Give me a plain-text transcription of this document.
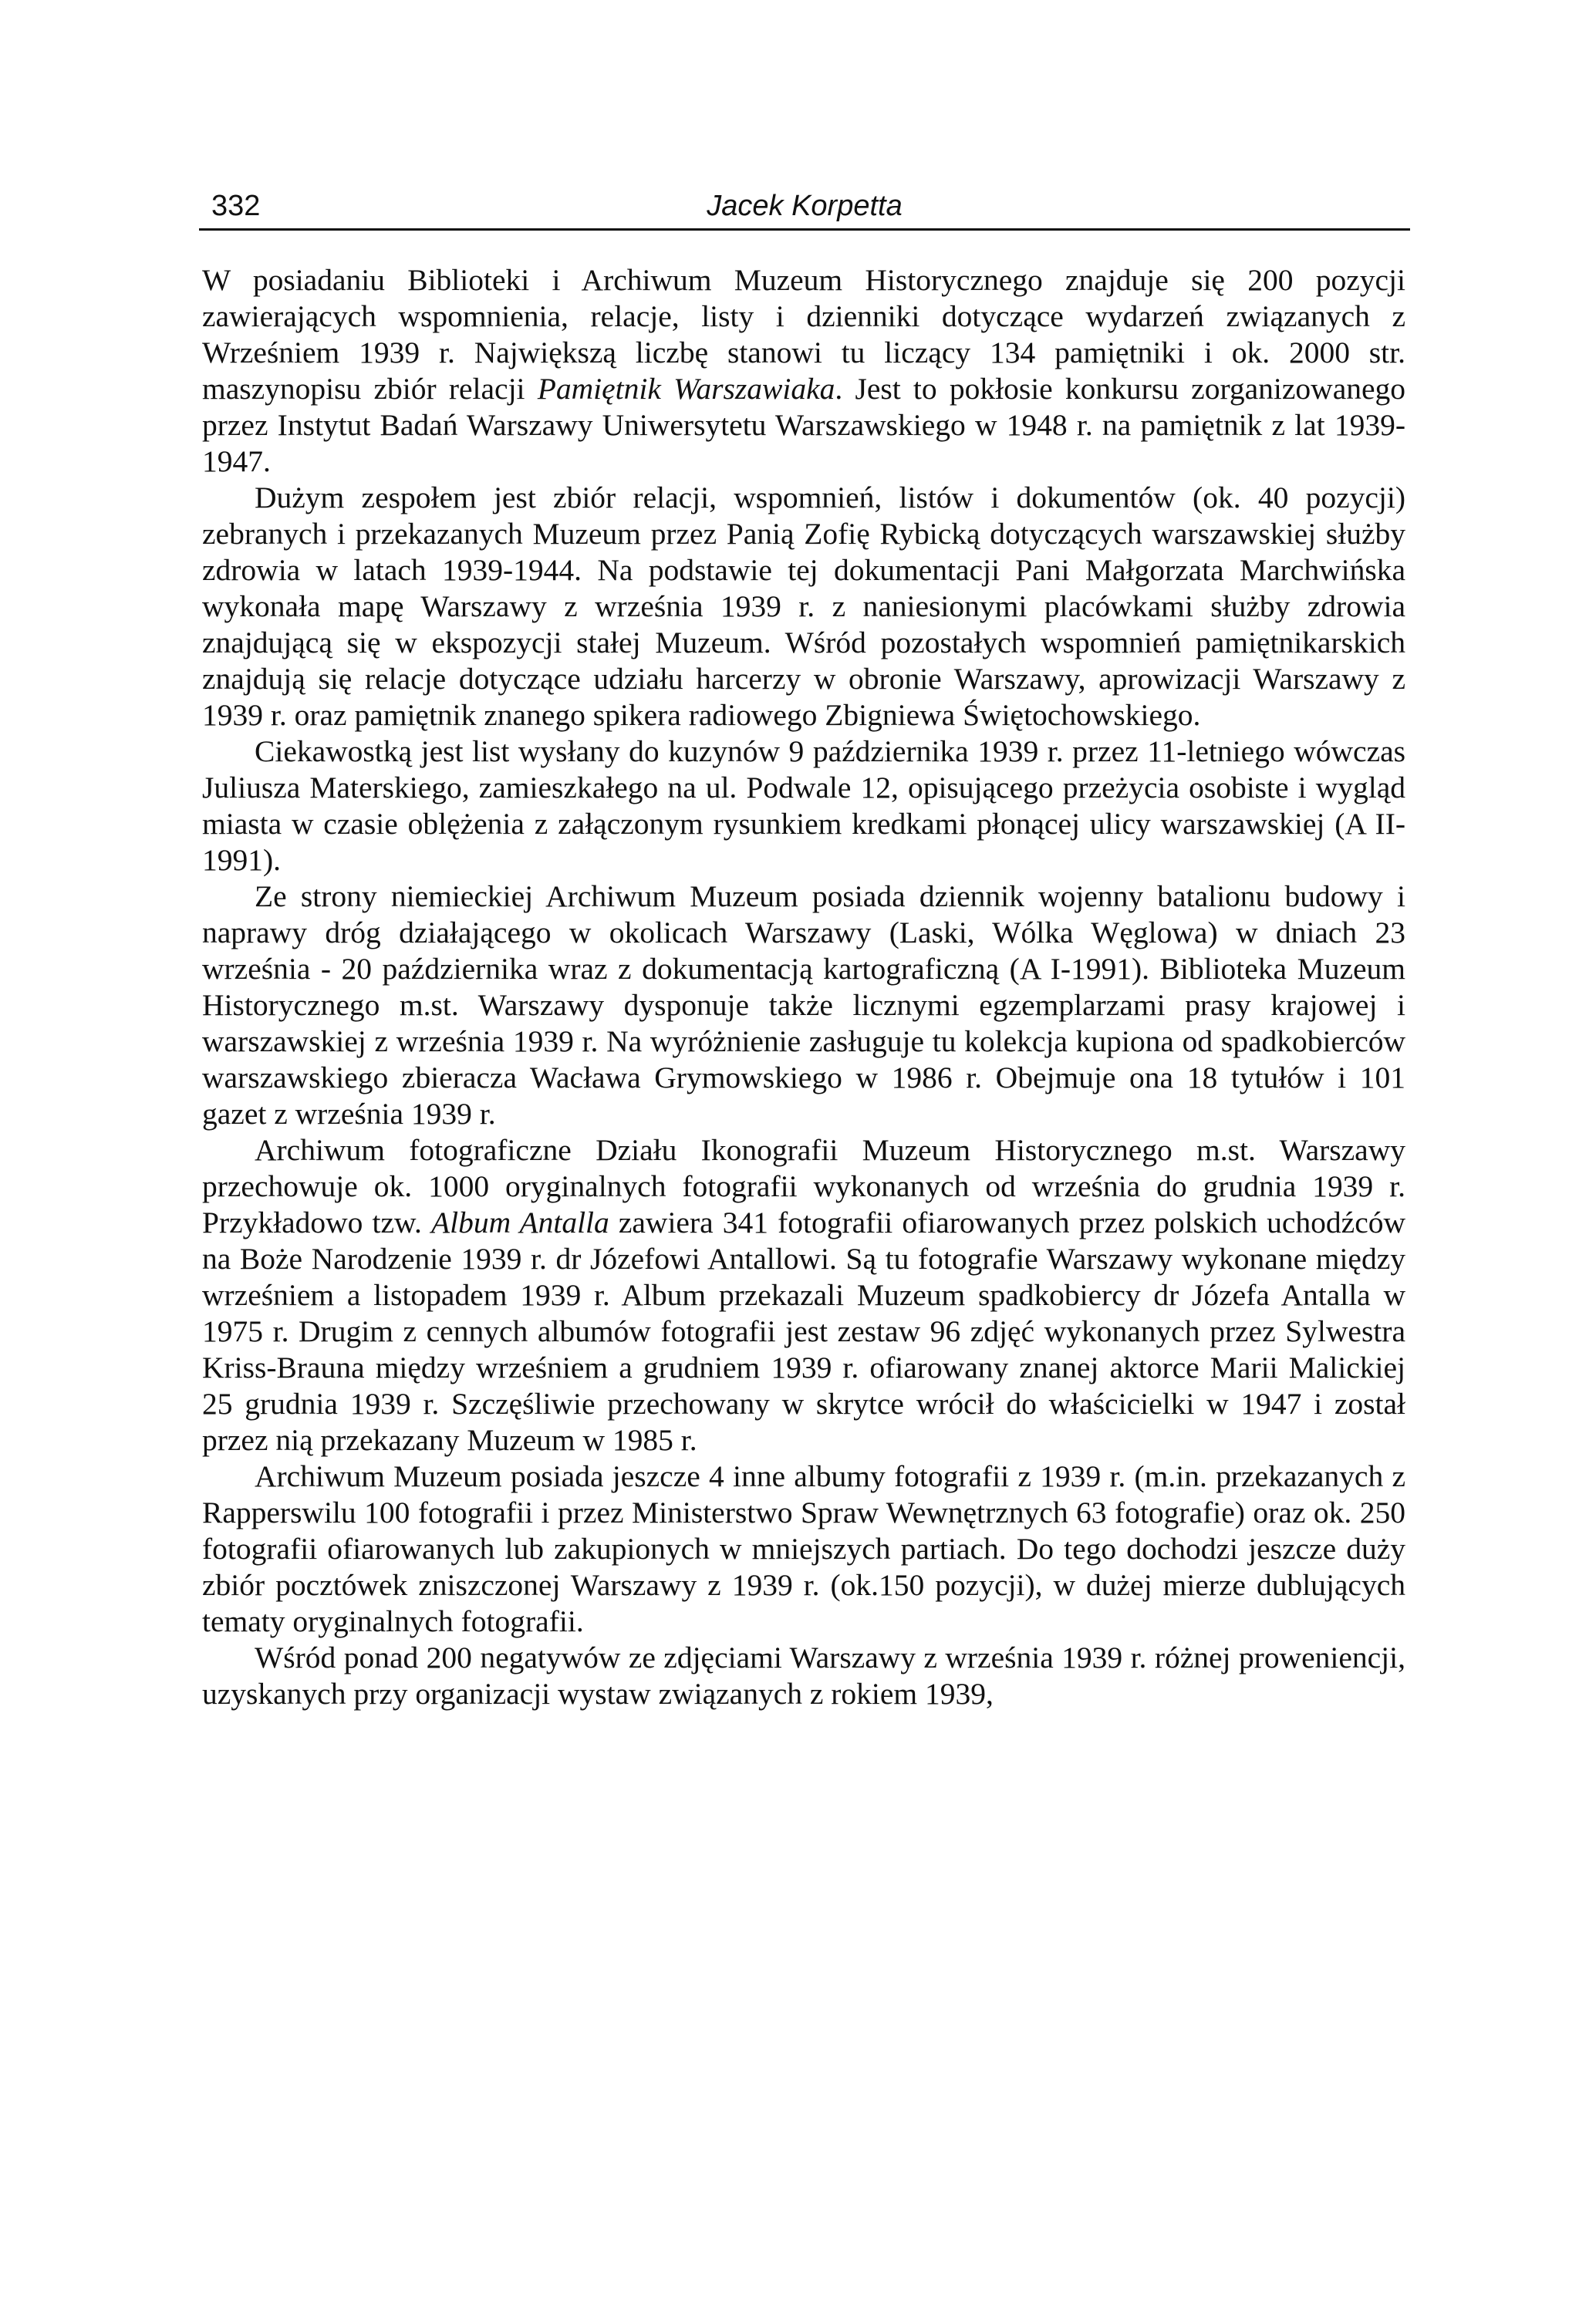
332	Jacek Korpetta

W posiadaniu Biblioteki i Archiwum Muzeum Historycznego znajduje się 200 pozycji zawierających wspomnienia, relacje, listy i dzienniki dotyczące wydarzeń związanych z Wrześniem 1939 r. Największą liczbę stanowi tu liczący 134 pamiętniki i ok. 2000 str. maszynopisu zbiór relacji Pamiętnik Warszawiaka. Jest to pokłosie konkursu zorganizowanego przez Instytut Badań Warszawy Uniwersytetu Warszawskiego w 1948 r. na pamiętnik z lat 1939-1947.

Dużym zespołem jest zbiór relacji, wspomnień, listów i dokumentów (ok. 40 pozycji) zebranych i przekazanych Muzeum przez Panią Zofię Rybicką dotyczących warszawskiej służby zdrowia w latach 1939-1944. Na podstawie tej dokumentacji Pani Małgorzata Marchwińska wykonała mapę Warszawy z września 1939 r. z naniesionymi placówkami służby zdrowia znajdującą się w ekspozycji stałej Muzeum. Wśród pozostałych wspomnień pamiętnikarskich znajdują się relacje dotyczące udziału harcerzy w obronie Warszawy, aprowizacji Warszawy z 1939 r. oraz pamiętnik znanego spikera radiowego Zbigniewa Świętochowskiego.

Ciekawostką jest list wysłany do kuzynów 9 października 1939 r. przez 11-letniego wówczas Juliusza Materskiego, zamieszkałego na ul. Podwale 12, opisującego przeżycia osobiste i wygląd miasta w czasie oblężenia z załączonym rysunkiem kredkami płonącej ulicy warszawskiej (A II-1991).

Ze strony niemieckiej Archiwum Muzeum posiada dziennik wojenny batalionu budowy i naprawy dróg działającego w okolicach Warszawy (Laski, Wólka Węglowa) w dniach 23 września - 20 października wraz z dokumentacją kartograficzną (A I-1991). Biblioteka Muzeum Historycznego m.st. Warszawy dysponuje także licznymi egzemplarzami prasy krajowej i warszawskiej z września 1939 r. Na wyróżnienie zasługuje tu kolekcja kupiona od spadkobierców warszawskiego zbieracza Wacława Grymowskiego w 1986 r. Obejmuje ona 18 tytułów i 101 gazet z września 1939 r.

Archiwum fotograficzne Działu Ikonografii Muzeum Historycznego m.st. Warszawy przechowuje ok. 1000 oryginalnych fotografii wykonanych od września do grudnia 1939 r. Przykładowo tzw. Album Antalla zawiera 341 fotografii ofiarowanych przez polskich uchodźców na Boże Narodzenie 1939 r. dr Józefowi Antallowi. Są tu fotografie Warszawy wykonane między wrześniem a listopadem 1939 r. Album przekazali Muzeum spadkobiercy dr Józefa Antalla w 1975 r. Drugim z cennych albumów fotografii jest zestaw 96 zdjęć wykonanych przez Sylwestra Kriss-Brauna między wrześniem a grudniem 1939 r. ofiarowany znanej aktorce Marii Malickiej 25 grudnia 1939 r. Szczęśliwie przechowany w skrytce wrócił do właścicielki w 1947 i został przez nią przekazany Muzeum w 1985 r.

Archiwum Muzeum posiada jeszcze 4 inne albumy fotografii z 1939 r. (m.in. przekazanych z Rapperswilu 100 fotografii i przez Ministerstwo Spraw Wewnętrznych 63 fotografie) oraz ok. 250 fotografii ofiarowanych lub zakupionych w mniejszych partiach. Do tego dochodzi jeszcze duży zbiór pocztówek zniszczonej Warszawy z 1939 r. (ok.150 pozycji), w dużej mierze dublujących tematy oryginalnych fotografii.

Wśród ponad 200 negatywów ze zdjęciami Warszawy z września 1939 r. różnej proweniencji, uzyskanych przy organizacji wystaw związanych z rokiem 1939,
